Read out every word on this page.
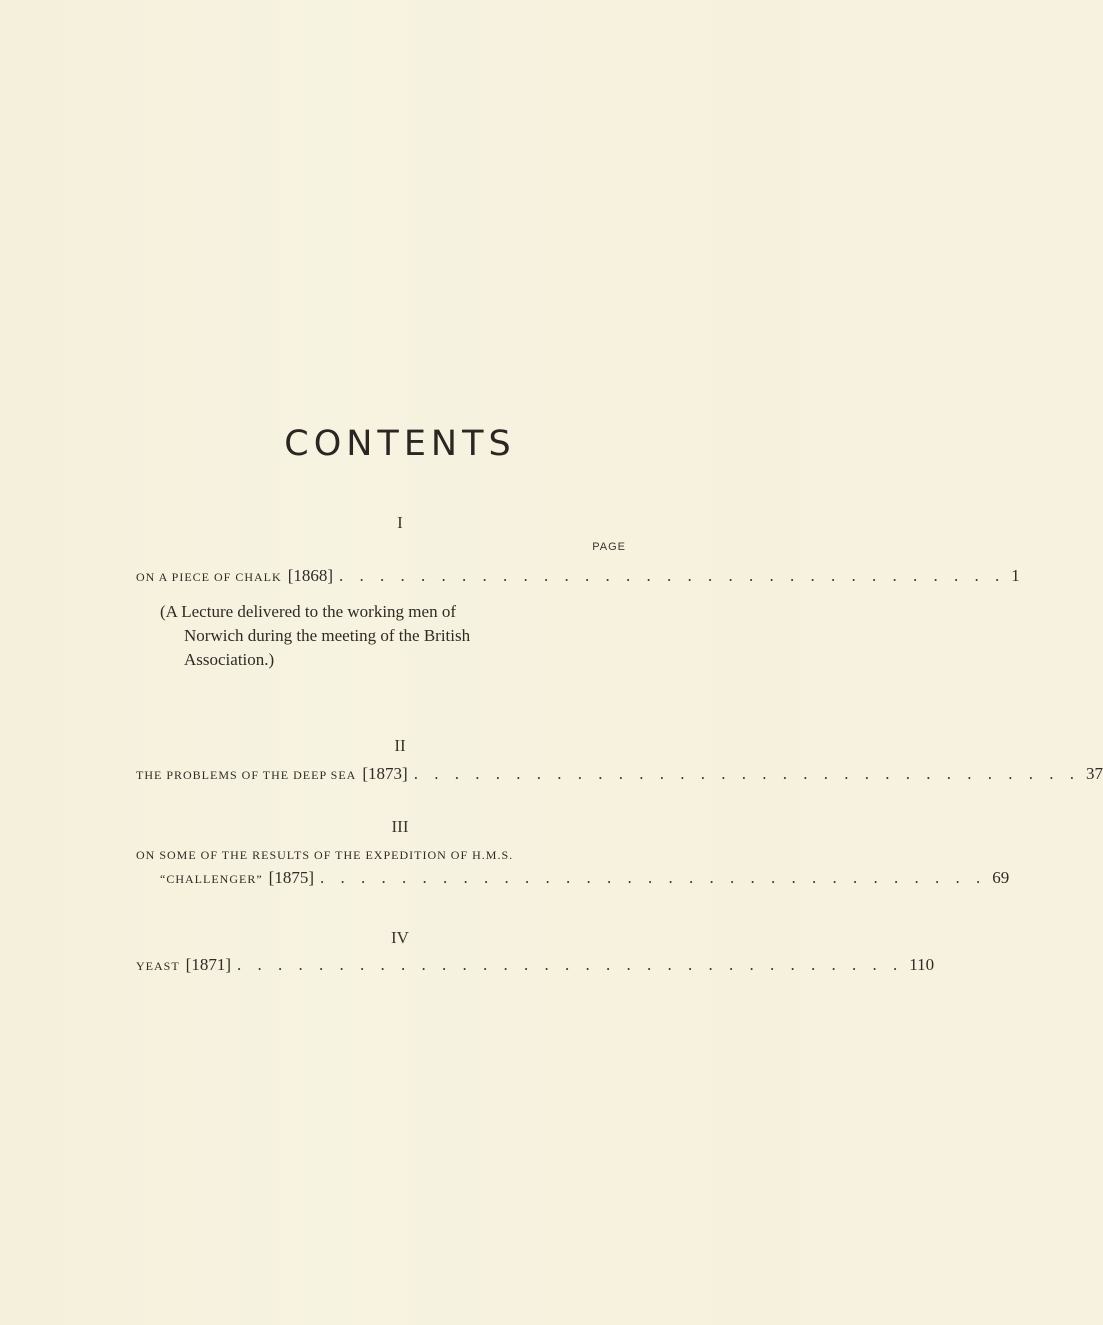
CONTENTS
I
PAGE
ON A PIECE OF CHALK [1868] . . . . . . . . . . . . . . . . . . . . . . . . . . . . . . . . . 1
(A Lecture delivered to the working men of
Norwich during the meeting of the British
Association.)
II
THE PROBLEMS OF THE DEEP SEA [1873] . . . . . . . . . . . . . . . . . . . . . . . . . . . . . . . . . 37
III
ON SOME OF THE RESULTS OF THE EXPEDITION OF H.M.S.
“CHALLENGER” [1875] . . . . . . . . . . . . . . . . . . . . . . . . . . . . . . . . . 69
IV
YEAST [1871] . . . . . . . . . . . . . . . . . . . . . . . . . . . . . . . . . 110
